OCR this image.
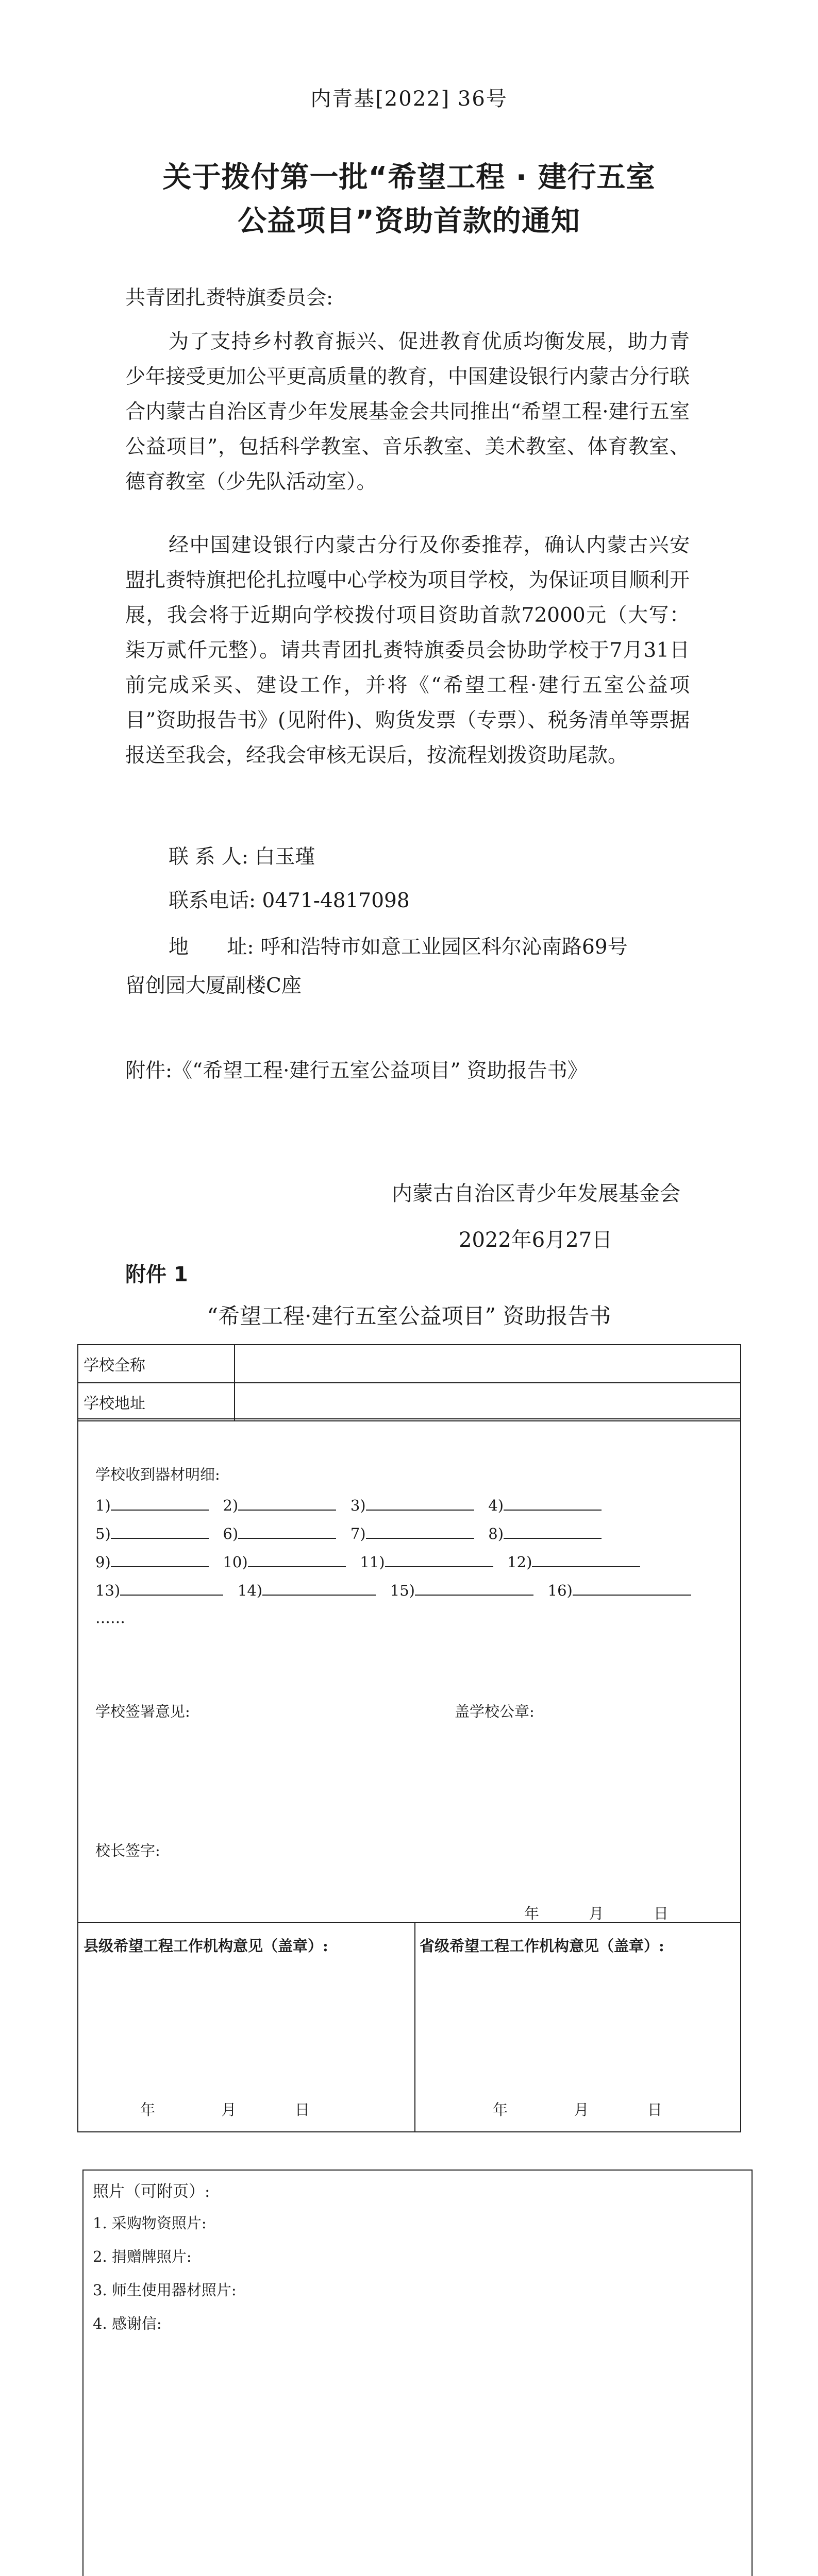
内青基[2022] 36号
关于拨付第一批“希望工程 · 建行五室
公益项目”资助首款的通知
共青团扎赉特旗委员会:
为了支持乡村教育振兴、促进教育优质均衡发展，助力青少年接受更加公平更高质量的教育，中国建设银行内蒙古分行联合内蒙古自治区青少年发展基金会共同推出“希望工程·建行五室公益项目”，包括科学教室、音乐教室、美术教室、体育教室、德育教室（少先队活动室）。
经中国建设银行内蒙古分行及你委推荐，确认内蒙古兴安盟扎赉特旗把伦扎拉嘎中心学校为项目学校，为保证项目顺利开展，我会将于近期向学校拨付项目资助首款72000元（大写：柒万贰仟元整）。请共青团扎赉特旗委员会协助学校于7月31日前完成采买、建设工作，并将《“希望工程·建行五室公益项目”资助报告书》(见附件)、购货发票（专票）、税务清单等票据报送至我会，经我会审核无误后，按流程划拨资助尾款。
联 系 人: 白玉瑾
联系电话: 0471-4817098
地      址: 呼和浩特市如意工业园区科尔沁南路69号
留创园大厦副楼C座
附件:《“希望工程·建行五室公益项目” 资助报告书》
内蒙古自治区青少年发展基金会
2022年6月27日
附件 1
“希望工程·建行五室公益项目” 资助报告书
学校全称	
学校地址	
学校收到器材明细:
1)	2)	3)	4)
5)	6)	7)	8)
9)	10)	11)	12)
13)	14)	15)	16)
……
学校签署意见:	盖学校公章:
校长签字:
年	月	日
县级希望工程工作机构意见（盖章）:
年	月	日
省级希望工程工作机构意见（盖章）:
年	月	日
照片（可附页）:
1. 采购物资照片:
2. 捐赠牌照片:
3. 师生使用器材照片:
4. 感谢信:
